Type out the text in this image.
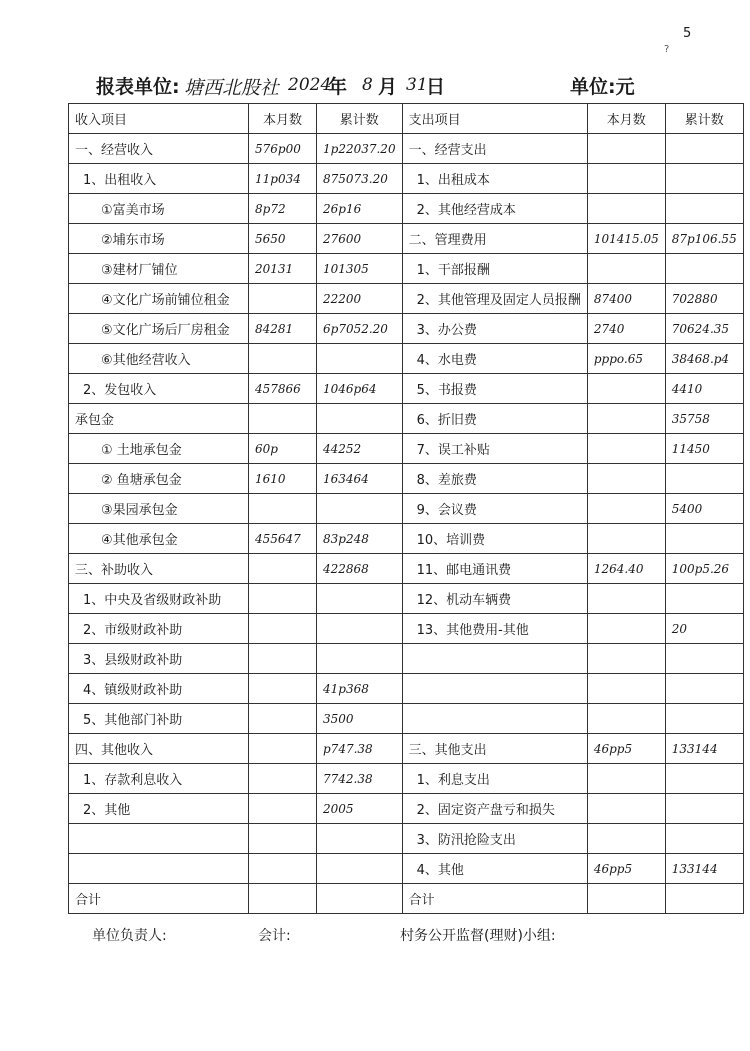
5
?
报表单位: 塘西北股社 2024
年 8 月 31
日	单位:元
收入项目	本月数	累计数	支出项目	本月数	累计数
一、经营收入	576p00	1p22037.20	一、经营支出		
1、出租收入	11p034	875073.20	1、出租成本		
①富美市场	8p72	26p16	2、其他经营成本		
②埔东市场	5650	27600	二、管理费用	101415.05	87p106.55
③建材厂铺位	20131	101305	1、干部报酬		
④文化广场前铺位租金		22200	2、其他管理及固定人员报酬	87400	702880
⑤文化广场后厂房租金	84281	6p7052.20	3、办公费	2740	70624.35
⑥其他经营收入			4、水电费	pppo.65	38468.p4
2、发包收入	457866	1046p64	5、书报费		4410
承包金			6、折旧费		35758
① 土地承包金	60p	44252	7、误工补贴		11450
② 鱼塘承包金	1610	163464	8、差旅费		
③果园承包金			9、会议费		5400
④其他承包金	455647	83p248	10、培训费		
三、补助收入		422868	11、邮电通讯费	1264.40	100p5.26
1、中央及省级财政补助			12、机动车辆费		
2、市级财政补助			13、其他费用-其他		20
3、县级财政补助					
4、镇级财政补助		41p368			
5、其他部门补助		3500			
四、其他收入		p747.38	三、其他支出	46pp5	133144
1、存款利息收入		7742.38	1、利息支出		
2、其他		2005	2、固定资产盘亏和损失		
			3、防汛抢险支出		
			4、其他	46pp5	133144
合计			合计		
单位负责人:	会计:	村务公开监督(理财)小组:
